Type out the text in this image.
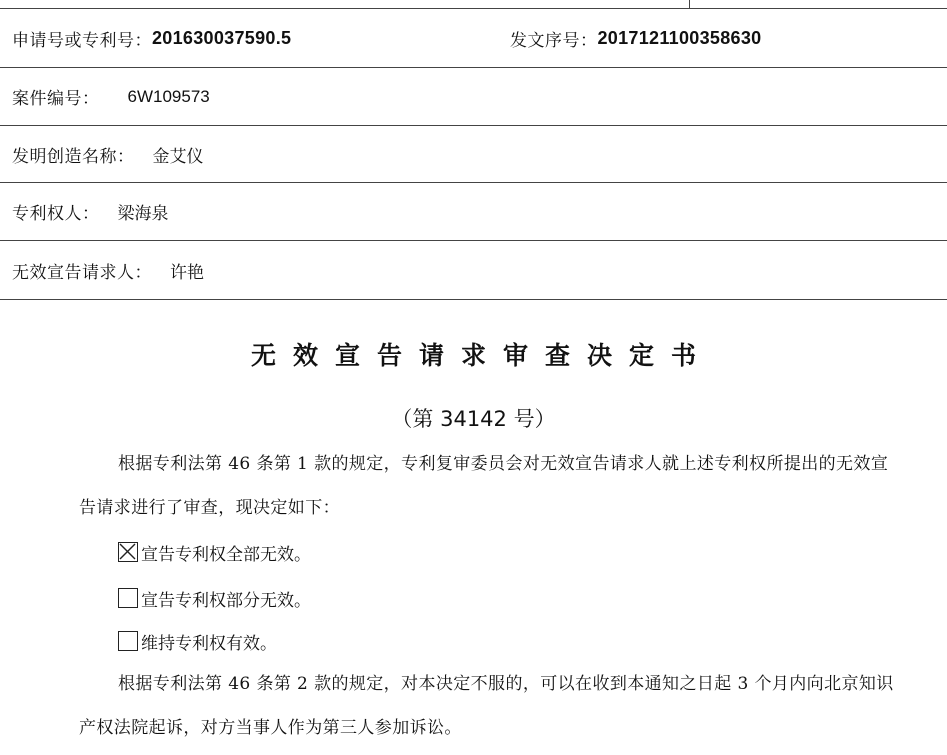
申请号或专利号： 201630037590.5	发文序号： 2017121100358630
案件编号： 6W109573
发明创造名称： 金艾仪
专利权人： 梁海泉
无效宣告请求人： 许艳
无效宣告请求审查决定书
（第 34142 号）
根据专利法第 46 条第 1 款的规定，专利复审委员会对无效宣告请求人就上述专利权所提出的无效宣告请求进行了审查，现决定如下：
宣告专利权全部无效。
宣告专利权部分无效。
维持专利权有效。
根据专利法第 46 条第 2 款的规定，对本决定不服的，可以在收到本通知之日起 3 个月内向北京知识产权法院起诉，对方当事人作为第三人参加诉讼。
